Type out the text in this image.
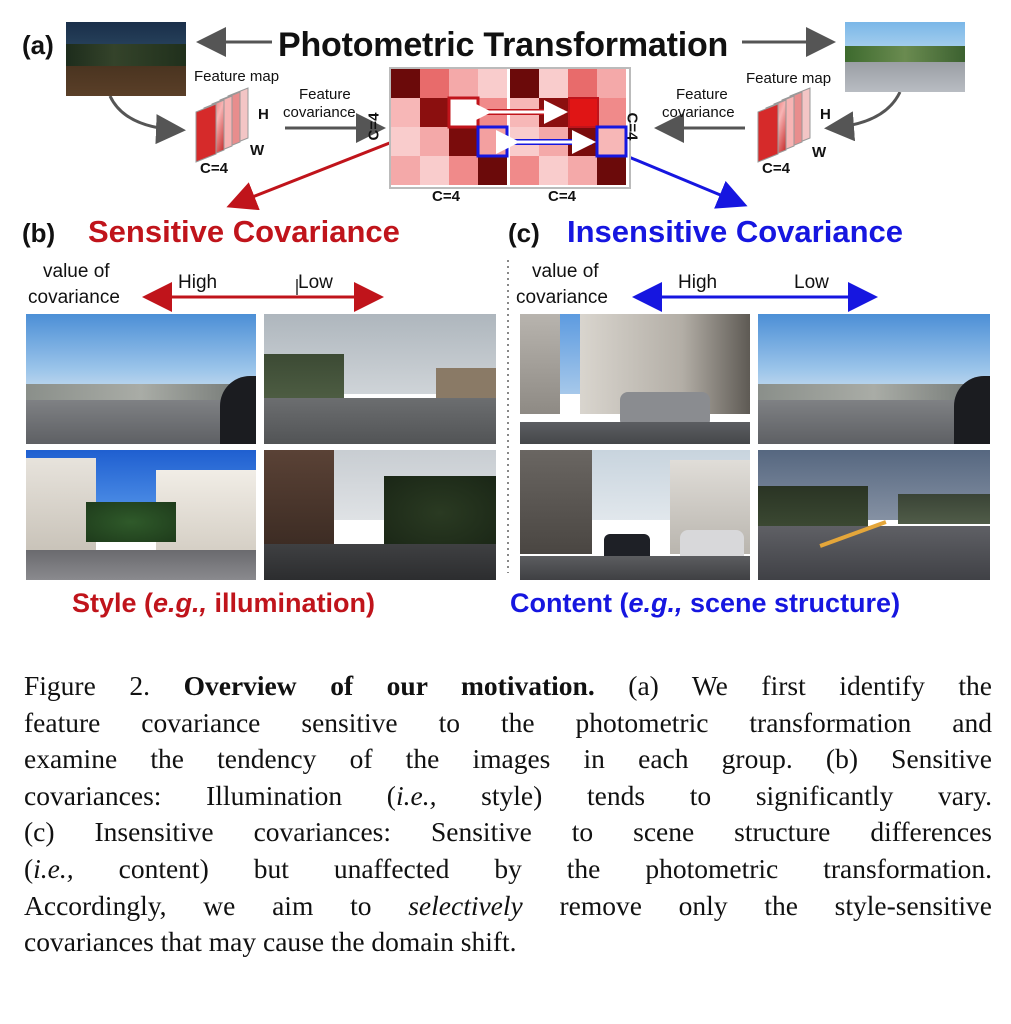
(a)	Photometric Transformation
Feature map
Feature
covariance
Feature map
Feature
covariance
H
W
C=4
H
W
C=4
C=4	C=4
C=4	C=4
(b) Sensitive Covariance
value of
covariance
High	Low
(c) Insensitive Covariance
value of
covariance
High	Low
Style (e.g., illumination)	Content (e.g., scene structure)
Figure 2. Overview of our motivation. (a) We first identify the
feature covariance sensitive to the photometric transformation and
examine the tendency of the images in each group. (b) Sensitive
covariances: Illumination (i.e., style) tends to significantly vary.
(c) Insensitive covariances: Sensitive to scene structure differences
(i.e., content) but unaffected by the photometric transformation.
Accordingly, we aim to selectively remove only the style-sensitive
covariances that may cause the domain shift.
